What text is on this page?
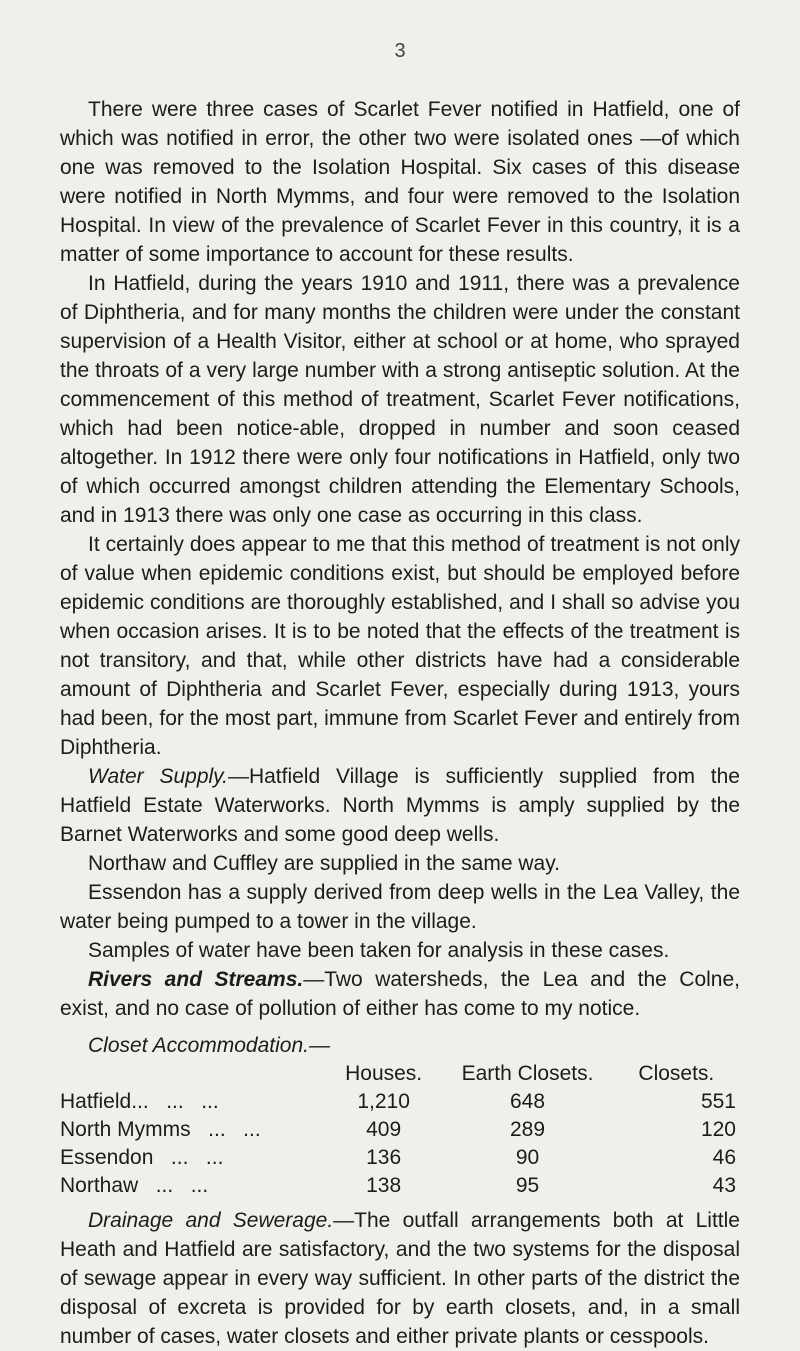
3

There were three cases of Scarlet Fever notified in Hatfield, one of which was notified in error, the other two were isolated ones —of which one was removed to the Isolation Hospital. Six cases of this disease were notified in North Mymms, and four were removed to the Isolation Hospital. In view of the prevalence of Scarlet Fever in this country, it is a matter of some importance to account for these results.

In Hatfield, during the years 1910 and 1911, there was a prevalence of Diphtheria, and for many months the children were under the constant supervision of a Health Visitor, either at school or at home, who sprayed the throats of a very large number with a strong antiseptic solution. At the commencement of this method of treatment, Scarlet Fever notifications, which had been notice-able, dropped in number and soon ceased altogether. In 1912 there were only four notifications in Hatfield, only two of which occurred amongst children attending the Elementary Schools, and in 1913 there was only one case as occurring in this class.

It certainly does appear to me that this method of treatment is not only of value when epidemic conditions exist, but should be employed before epidemic conditions are thoroughly established, and I shall so advise you when occasion arises. It is to be noted that the effects of the treatment is not transitory, and that, while other districts have had a considerable amount of Diphtheria and Scarlet Fever, especially during 1913, yours had been, for the most part, immune from Scarlet Fever and entirely from Diphtheria.

Water Supply.—Hatfield Village is sufficiently supplied from the Hatfield Estate Waterworks. North Mymms is amply supplied by the Barnet Waterworks and some good deep wells.

Northaw and Cuffley are supplied in the same way.

Essendon has a supply derived from deep wells in the Lea Valley, the water being pumped to a tower in the village.

Samples of water have been taken for analysis in these cases.

Rivers and Streams.—Two watersheds, the Lea and the Colne, exist, and no case of pollution of either has come to my notice.

Closet Accommodation.—
	Houses.	Earth Closets.	Closets.
Hatfield...   ...   ...	1,210	648	551
North Mymms   ...   ...	409	289	120
Essendon   ...   ...	136	90	46
Northaw   ...   ...	138	95	43

Drainage and Sewerage.—The outfall arrangements both at Little Heath and Hatfield are satisfactory, and the two systems for the disposal of sewage appear in every way sufficient. In other parts of the district the disposal of excreta is provided for by earth closets, and, in a small number of cases, water closets and either private plants or cesspools.
